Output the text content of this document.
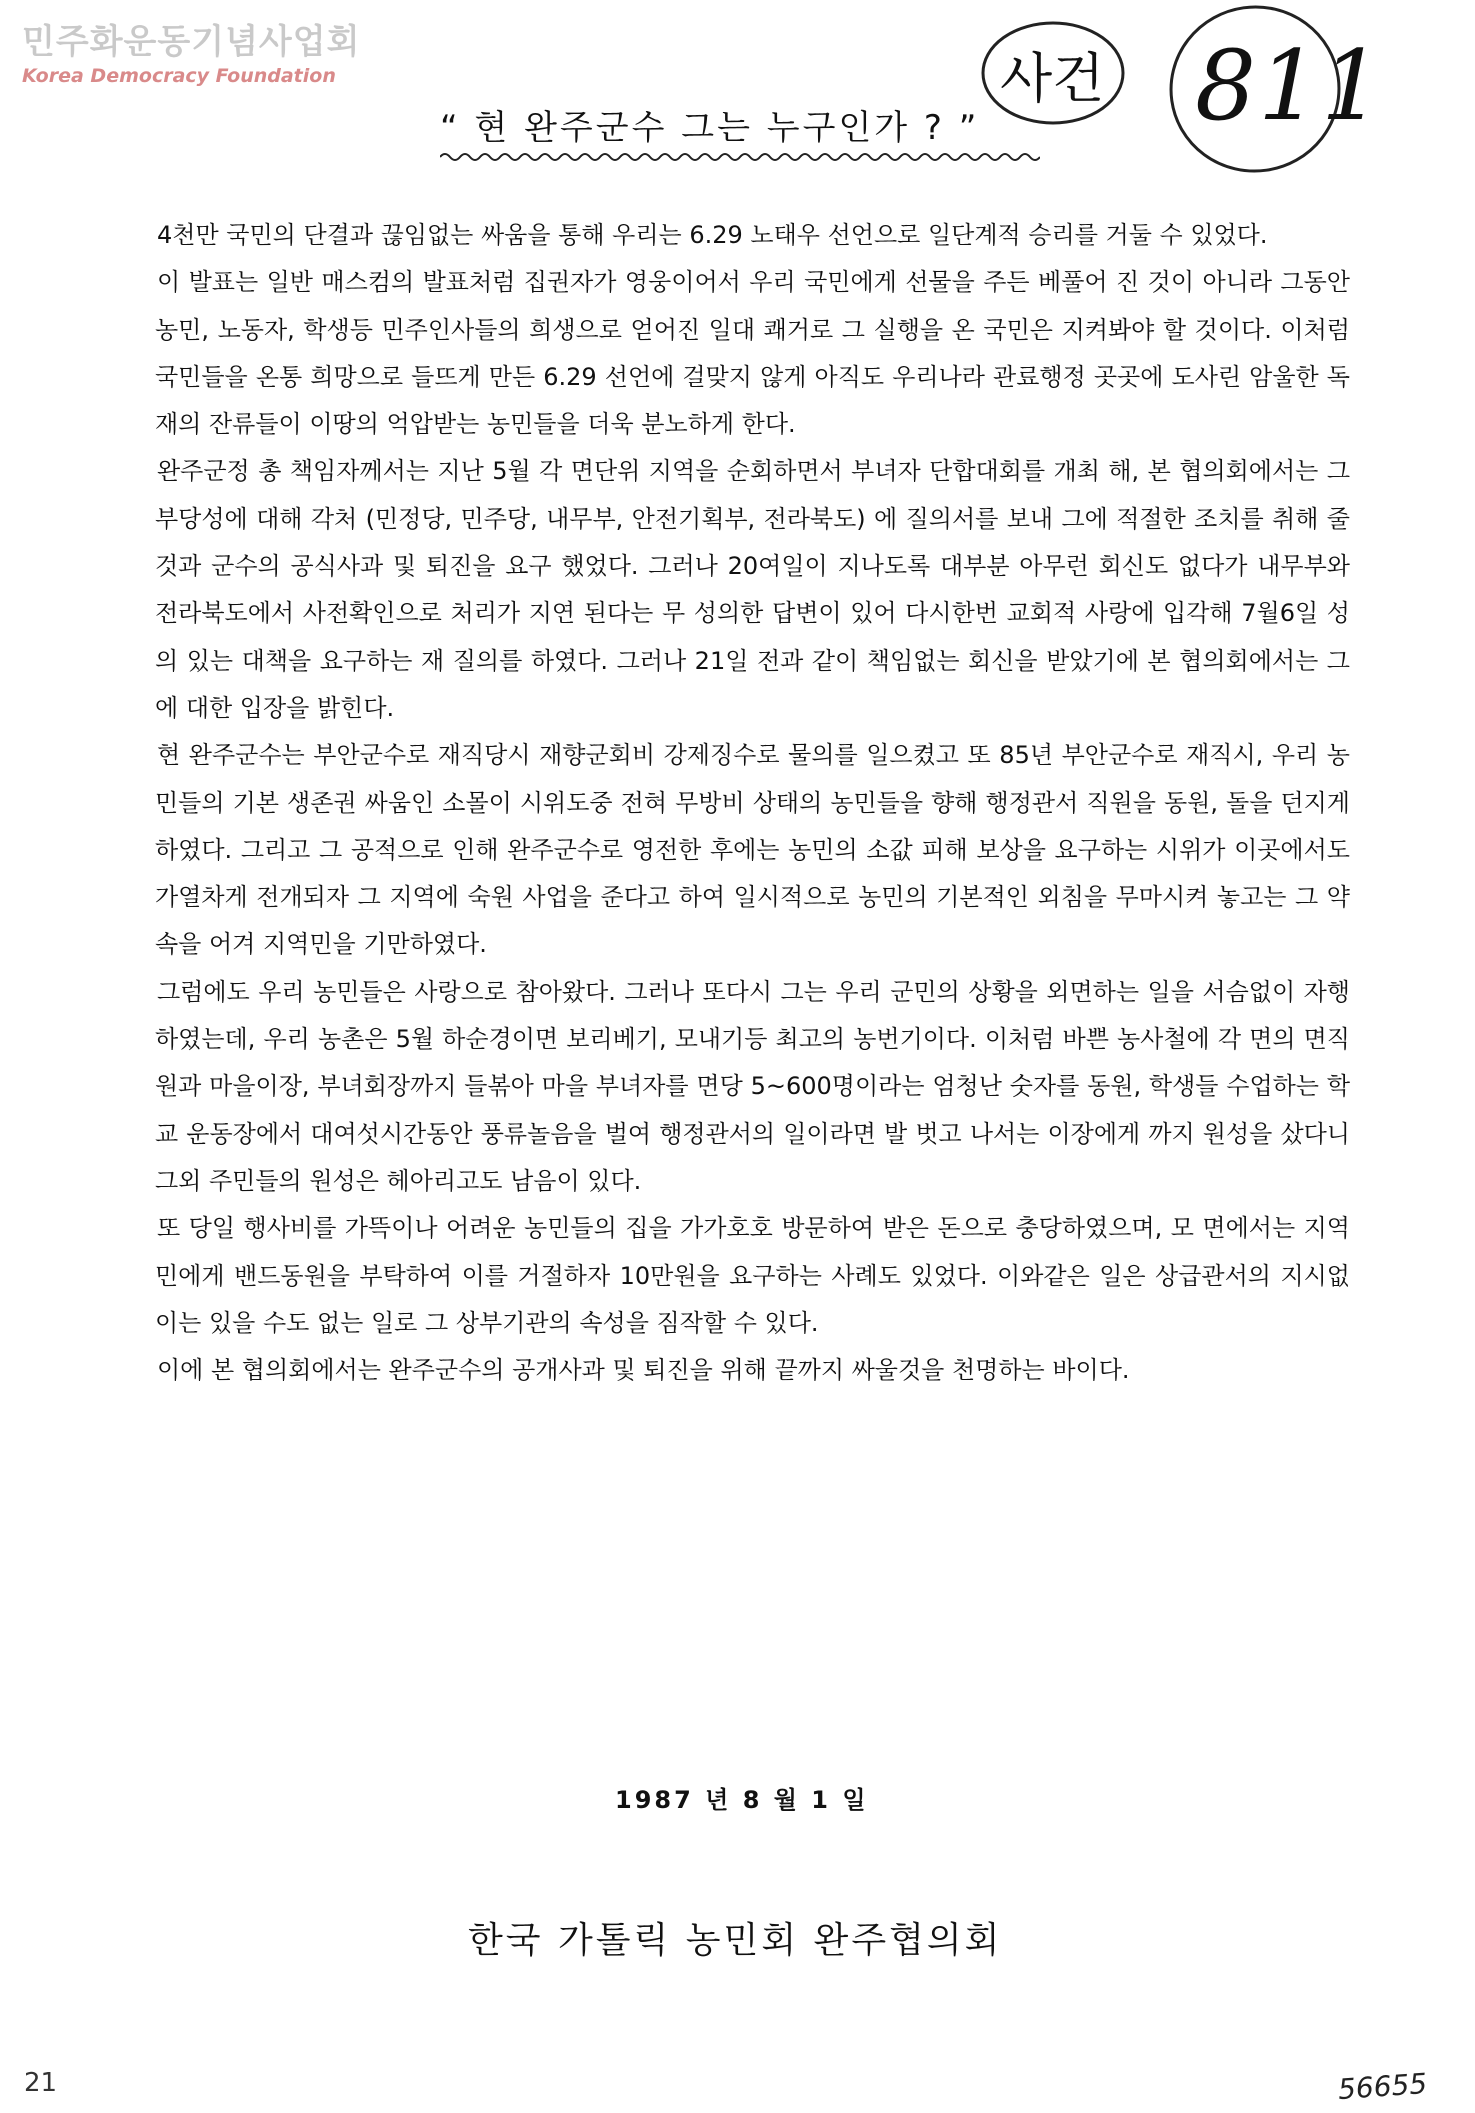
민주화운동기념사업회
Korea Democracy Foundation
“ 현 완주군수 그는 누구인가 ? ”
사건 811

4천만 국민의 단결과 끊임없는 싸움을 통해 우리는 6.29 노태우 선언으로 일단계적 승리를 거둘 수 있었다.

이 발표는 일반 매스컴의 발표처럼 집권자가 영웅이어서 우리 국민에게 선물을 주든 베풀어 진 것이 아니라 그동안 농민, 노동자, 학생등 민주인사들의 희생으로 얻어진 일대 쾌거로 그 실행을 온 국민은 지켜봐야 할 것이다. 이처럼 국민들을 온통 희망으로 들뜨게 만든 6.29 선언에 걸맞지 않게 아직도 우리나라 관료행정 곳곳에 도사린 암울한 독재의 잔류들이 이땅의 억압받는 농민들을 더욱 분노하게 한다.

완주군정 총 책임자께서는 지난 5월 각 면단위 지역을 순회하면서 부녀자 단합대회를 개최 해, 본 협의회에서는 그 부당성에 대해 각처 (민정당, 민주당, 내무부, 안전기획부, 전라북도) 에 질의서를 보내 그에 적절한 조치를 취해 줄 것과 군수의 공식사과 및 퇴진을 요구 했었다. 그러나 20여일이 지나도록 대부분 아무런 회신도 없다가 내무부와 전라북도에서 사전확인으로 처리가 지연 된다는 무 성의한 답변이 있어 다시한번 교회적 사랑에 입각해 7월6일 성의 있는 대책을 요구하는 재 질의를 하였다. 그러나 21일 전과 같이 책임없는 회신을 받았기에 본 협의회에서는 그에 대한 입장을 밝힌다.

현 완주군수는 부안군수로 재직당시 재향군회비 강제징수로 물의를 일으켰고 또 85년 부안군수로 재직시, 우리 농민들의 기본 생존권 싸움인 소몰이 시위도중 전혀 무방비 상태의 농민들을 향해 행정관서 직원을 동원, 돌을 던지게 하였다. 그리고 그 공적으로 인해 완주군수로 영전한 후에는 농민의 소값 피해 보상을 요구하는 시위가 이곳에서도 가열차게 전개되자 그 지역에 숙원 사업을 준다고 하여 일시적으로 농민의 기본적인 외침을 무마시켜 놓고는 그 약속을 어겨 지역민을 기만하였다.

그럼에도 우리 농민들은 사랑으로 참아왔다. 그러나 또다시 그는 우리 군민의 상황을 외면하는 일을 서슴없이 자행 하였는데, 우리 농촌은 5월 하순경이면 보리베기, 모내기등 최고의 농번기이다. 이처럼 바쁜 농사철에 각 면의 면직원과 마을이장, 부녀회장까지 들볶아 마을 부녀자를 면당 5~600명이라는 엄청난 숫자를 동원, 학생들 수업하는 학교 운동장에서 대여섯시간동안 풍류놀음을 벌여 행정관서의 일이라면 발 벗고 나서는 이장에게 까지 원성을 샀다니 그외 주민들의 원성은 헤아리고도 남음이 있다.

또 당일 행사비를 가뜩이나 어려운 농민들의 집을 가가호호 방문하여 받은 돈으로 충당하였으며, 모 면에서는 지역민에게 밴드동원을 부탁하여 이를 거절하자 10만원을 요구하는 사례도 있었다. 이와같은 일은 상급관서의 지시없이는 있을 수도 없는 일로 그 상부기관의 속성을 짐작할 수 있다.

이에 본 협의회에서는 완주군수의 공개사과 및 퇴진을 위해 끝까지 싸울것을 천명하는 바이다.

1987 년 8 월 1 일
한국 가톨릭 농민회 완주협의회
21	56655
